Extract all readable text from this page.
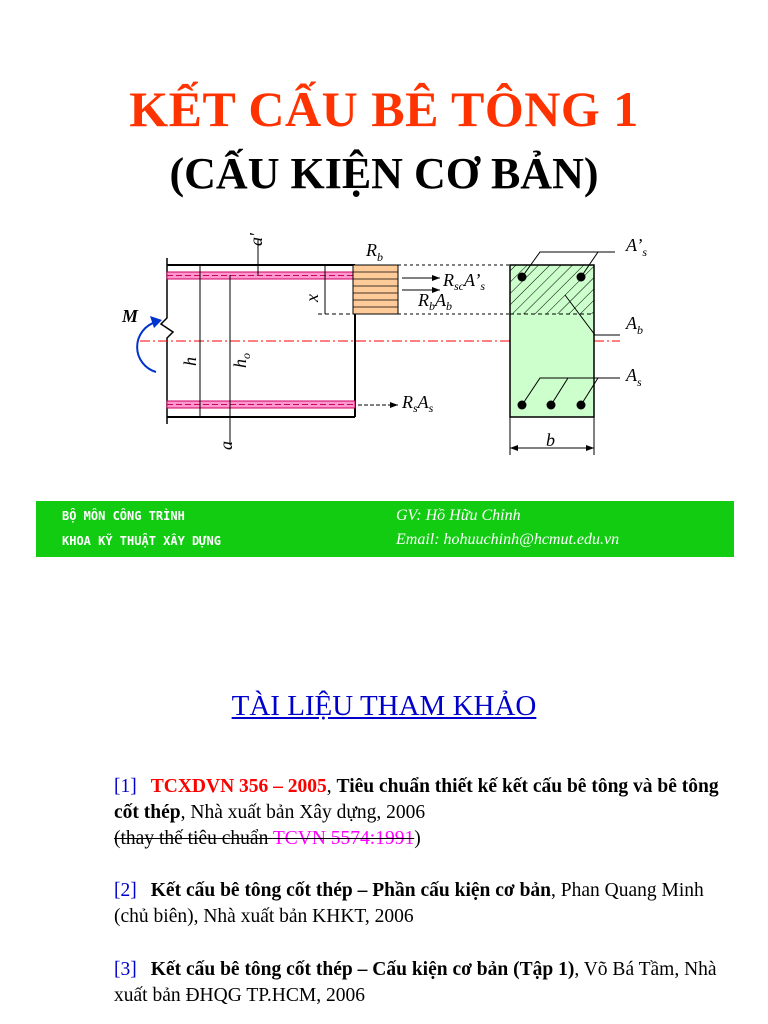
KẾT CẤU BÊ TÔNG 1
(CẤU KIỆN CƠ BẢN)
a'
M
h $h_o$
a
x
$R_b$
$R_{sc}A’_s$
$R_bA_b$
$R_sA_s$
$A’_s$
$A_b$
$A_s$
b
BỘ MÔN CÔNG TRÌNH
KHOA KỸ THUẬT XÂY DỰNG
GV: Hồ Hữu Chỉnh
Email: hohuuchinh@hcmut.edu.vn
TÀI LIỆU THAM KHẢO
[1] TCXDVN 356 – 2005, Tiêu chuẩn thiết kế kết cấu bê tông và bê tông cốt thép, Nhà xuất bản Xây dựng, 2006
(thay thế tiêu chuẩn TCVN 5574:1991)
[2] Kết cấu bê tông cốt thép – Phần cấu kiện cơ bản, Phan Quang Minh (chủ biên), Nhà xuất bản KHKT, 2006
[3] Kết cấu bê tông cốt thép – Cấu kiện cơ bản (Tập 1), Võ Bá Tầm, Nhà xuất bản ĐHQG TP.HCM, 2006
